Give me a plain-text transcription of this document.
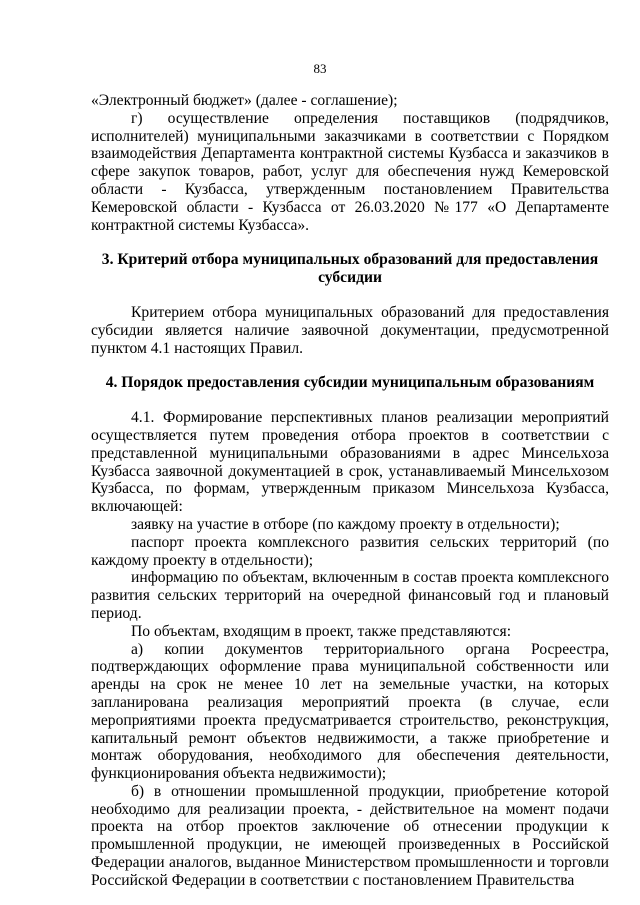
83

«Электронный бюджет» (далее - соглашение);

г) осуществление определения поставщиков (подрядчиков, исполнителей) муниципальными заказчиками в соответствии с Порядком взаимодействия Департамента контрактной системы Кузбасса и заказчиков в сфере закупок товаров, работ, услуг для обеспечения нужд Кемеровской области - Кузбасса, утвержденным постановлением Правительства Кемеровской области - Кузбасса от 26.03.2020 №177 «О Департаменте контрактной системы Кузбасса».

3. Критерий отбора муниципальных образований для предоставления субсидии

Критерием отбора муниципальных образований для предоставления субсидии является наличие заявочной документации, предусмотренной пунктом 4.1 настоящих Правил.

4. Порядок предоставления субсидии муниципальным образованиям

4.1. Формирование перспективных планов реализации мероприятий осуществляется путем проведения отбора проектов в соответствии с представленной муниципальными образованиями в адрес Минсельхоза Кузбасса заявочной документацией в срок, устанавливаемый Минсельхозом Кузбасса, по формам, утвержденным приказом Минсельхоза Кузбасса, включающей:

заявку на участие в отборе (по каждому проекту в отдельности);

паспорт проекта комплексного развития сельских территорий (по каждому проекту в отдельности);

информацию по объектам, включенным в состав проекта комплексного развития сельских территорий на очередной финансовый год и плановый период.

По объектам, входящим в проект, также представляются:

а) копии документов территориального органа Росреестра, подтверждающих оформление права муниципальной собственности или аренды на срок не менее 10 лет на земельные участки, на которых запланирована реализация мероприятий проекта (в случае, если мероприятиями проекта предусматривается строительство, реконструкция, капитальный ремонт объектов недвижимости, а также приобретение и монтаж оборудования, необходимого для обеспечения деятельности, функционирования объекта недвижимости);

б) в отношении промышленной продукции, приобретение которой необходимо для реализации проекта, - действительное на момент подачи проекта на отбор проектов заключение об отнесении продукции к промышленной продукции, не имеющей произведенных в Российской Федерации аналогов, выданное Министерством промышленности и торговли Российской Федерации в соответствии с постановлением Правительства
